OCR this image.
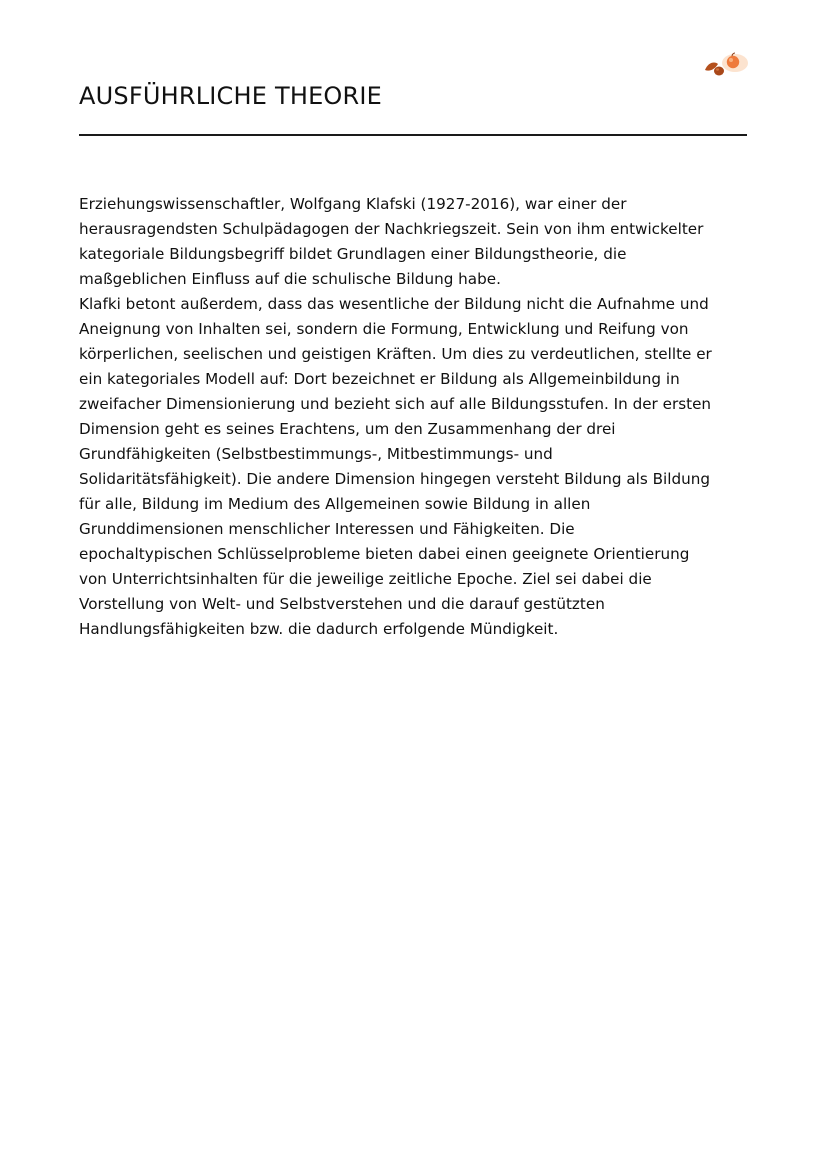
AUSFÜHRLICHE THEORIE

Erziehungswissenschaftler, Wolfgang Klafski (1927-2016), war einer der
herausragendsten Schulpädagogen der Nachkriegszeit. Sein von ihm entwickelter
kategoriale Bildungsbegriff bildet Grundlagen einer Bildungstheorie, die
maßgeblichen Einfluss auf die schulische Bildung habe.
Klafki betont außerdem, dass das wesentliche der Bildung nicht die Aufnahme und
Aneignung von Inhalten sei, sondern die Formung, Entwicklung und Reifung von
körperlichen, seelischen und geistigen Kräften. Um dies zu verdeutlichen, stellte er
ein kategoriales Modell auf: Dort bezeichnet er Bildung als Allgemeinbildung in
zweifacher Dimensionierung und bezieht sich auf alle Bildungsstufen. In der ersten
Dimension geht es seines Erachtens, um den Zusammenhang der drei
Grundfähigkeiten (Selbstbestimmungs-, Mitbestimmungs- und
Solidaritätsfähigkeit). Die andere Dimension hingegen versteht Bildung als Bildung
für alle, Bildung im Medium des Allgemeinen sowie Bildung in allen
Grunddimensionen menschlicher Interessen und Fähigkeiten. Die
epochaltypischen Schlüsselprobleme bieten dabei einen geeignete Orientierung
von Unterrichtsinhalten für die jeweilige zeitliche Epoche. Ziel sei dabei die
Vorstellung von Welt- und Selbstverstehen und die darauf gestützten
Handlungsfähigkeiten bzw. die dadurch erfolgende Mündigkeit.
